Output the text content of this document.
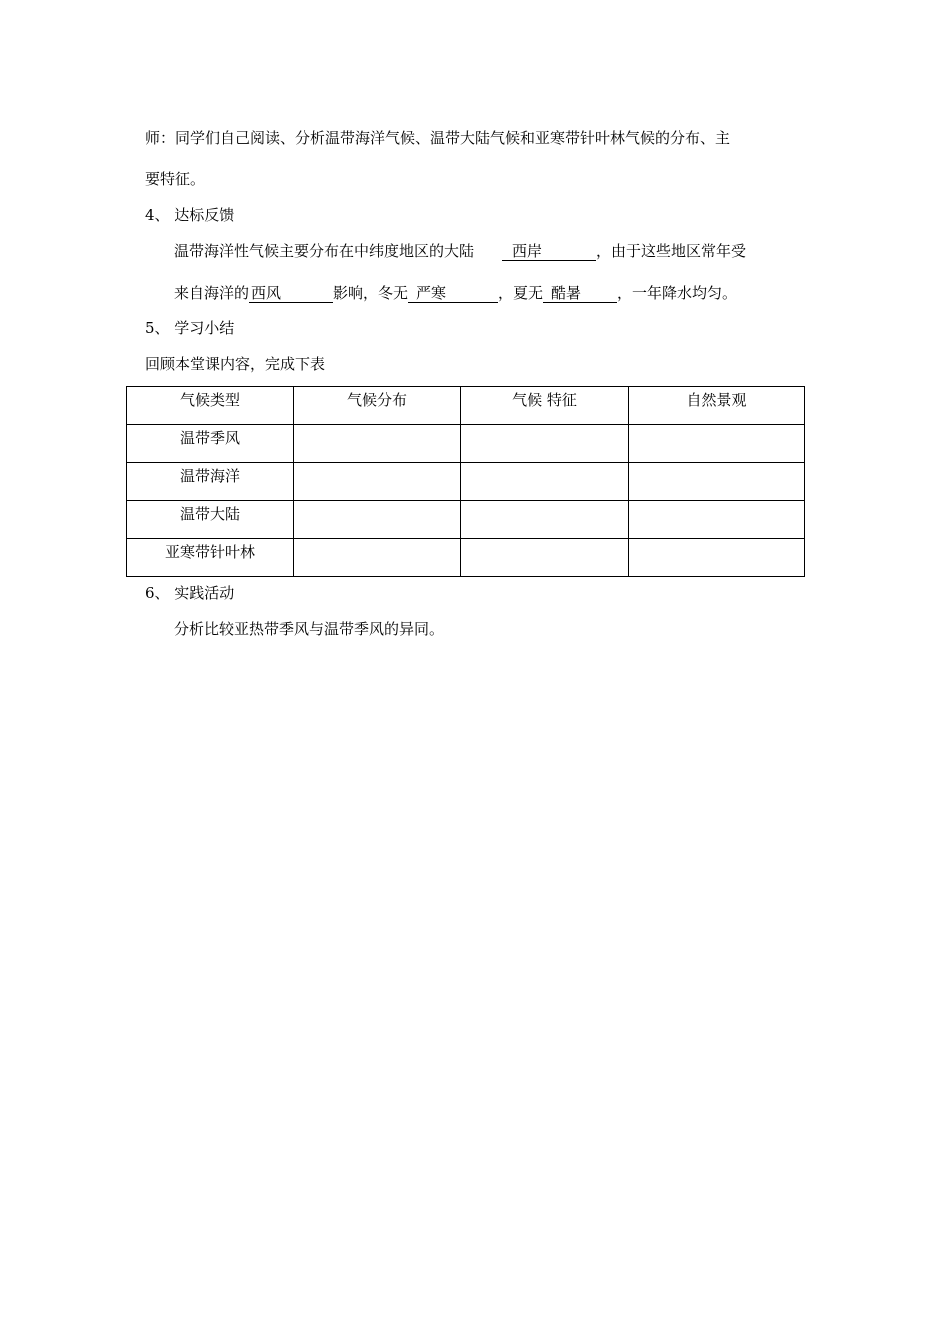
师：同学们自己阅读、分析温带海洋气候、温带大陆气候和亚寒带针叶林气候的分布、主
要特征。
4、 达标反馈
温带海洋性气候主要分布在中纬度地区的大陆	西岸	，由于这些地区常年受
来自海洋的 西风	影响，冬无 严寒	，夏无 酷暑 ，一年降水均匀。
5、 学习小结
回顾本堂课内容，完成下表
气候类型	气候分布	气候 特征	自然景观
温带季风			
温带海洋			
温带大陆			
亚寒带针叶林			
6、 实践活动
分析比较亚热带季风与温带季风的异同。
